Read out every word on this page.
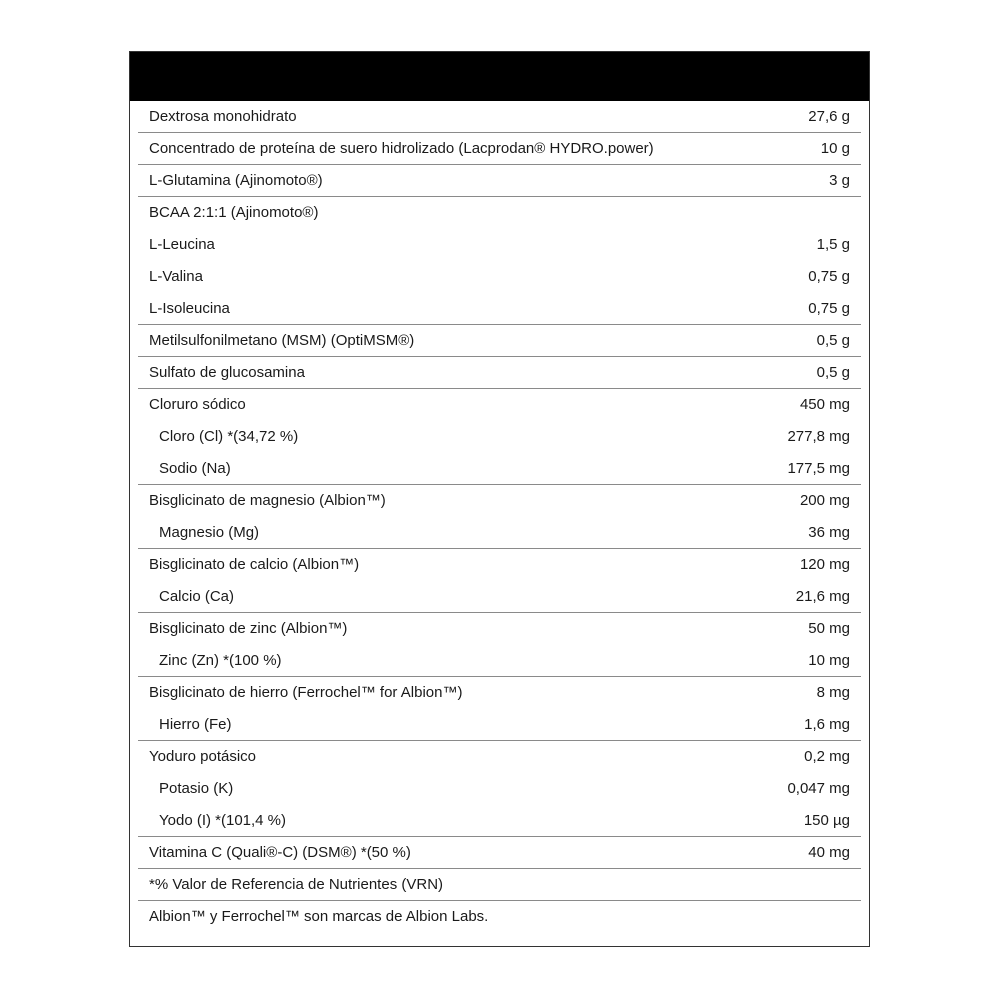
Dextrosa monohidrato	27,6 g
Concentrado de proteína de suero hidrolizado (Lacprodan® HYDRO.power)	10 g
L-Glutamina (Ajinomoto®)	3 g
BCAA 2:1:1 (Ajinomoto®)
L-Leucina	1,5 g
L-Valina	0,75 g
L-Isoleucina	0,75 g
Metilsulfonilmetano (MSM) (OptiMSM®)	0,5 g
Sulfato de glucosamina	0,5 g
Cloruro sódico	450 mg
Cloro (Cl) *(34,72 %)	277,8 mg
Sodio (Na)	177,5 mg
Bisglicinato de magnesio (Albion™)	200 mg
Magnesio (Mg)	36 mg
Bisglicinato de calcio (Albion™)	120 mg
Calcio (Ca)	21,6 mg
Bisglicinato de zinc (Albion™)	50 mg
Zinc (Zn) *(100 %)	10 mg
Bisglicinato de hierro (Ferrochel™ for Albion™)	8 mg
Hierro (Fe)	1,6 mg
Yoduro potásico	0,2 mg
Potasio (K)	0,047 mg
Yodo (I) *(101,4 %)	150 µg
Vitamina C (Quali®-C) (DSM®) *(50 %)	40 mg
*% Valor de Referencia de Nutrientes (VRN)
Albion™ y Ferrochel™ son marcas de Albion Labs.
